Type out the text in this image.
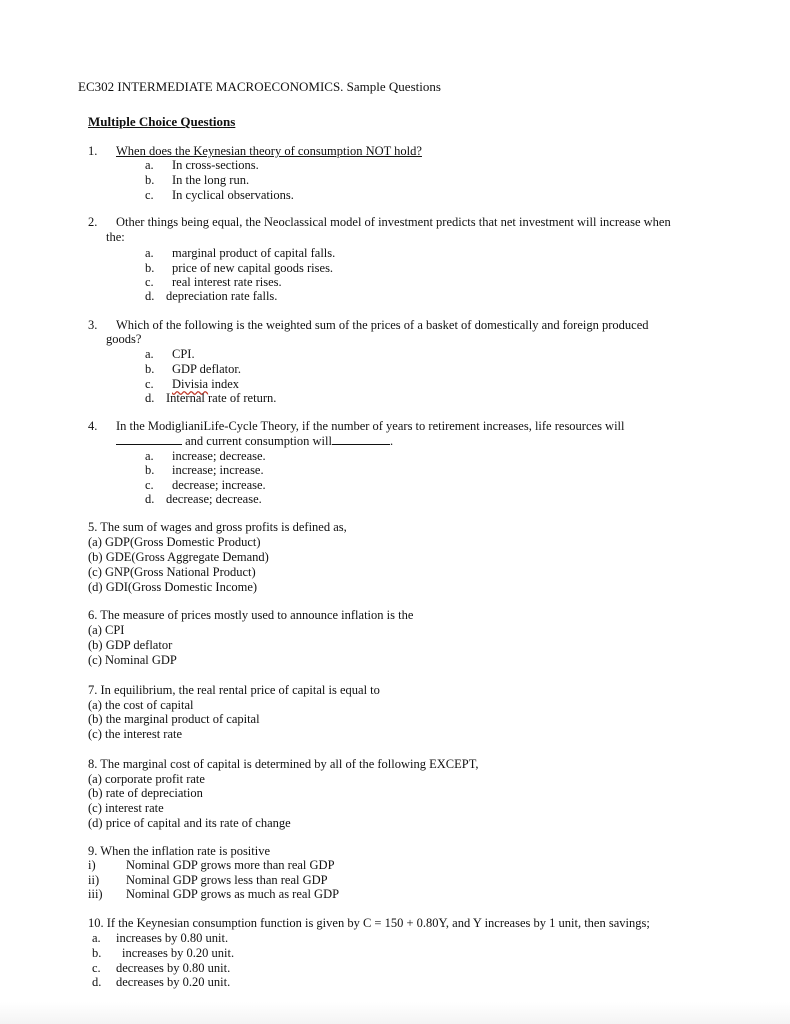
EC302 INTERMEDIATE MACROECONOMICS. Sample Questions
Multiple Choice Questions
1. When does the Keynesian theory of consumption NOT hold?
a. In cross-sections.
b. In the long run.
c. In cyclical observations.
2. Other things being equal, the Neoclassical model of investment predicts that net investment will increase when
the:
a. marginal product of capital falls.
b. price of new capital goods rises.
c. real interest rate rises.
d. depreciation rate falls.
3. Which of the following is the weighted sum of the prices of a basket of domestically and foreign produced
goods?
a. CPI.
b. GDP deflator.
c. Divisia index
d. Internal rate of return.
4. In the ModiglianiLife-Cycle Theory, if the number of years to retirement increases, life resources will
and current consumption will	.
a. increase; decrease.
b. increase; increase.
c. decrease; increase.
d. decrease; decrease.
5. The sum of wages and gross profits is defined as,
(a) GDP(Gross Domestic Product)
(b) GDE(Gross Aggregate Demand)
(c) GNP(Gross National Product)
(d) GDI(Gross Domestic Income)
6. The measure of prices mostly used to announce inflation is the
(a) CPI
(b) GDP deflator
(c) Nominal GDP
7. In equilibrium, the real rental price of capital is equal to
(a) the cost of capital
(b) the marginal product of capital
(c) the interest rate
8. The marginal cost of capital is determined by all of the following EXCEPT,
(a) corporate profit rate
(b) rate of depreciation
(c) interest rate
(d) price of capital and its rate of change
9. When the inflation rate is positive
i) Nominal GDP grows more than real GDP
ii) Nominal GDP grows less than real GDP
iii) Nominal GDP grows as much as real GDP
10. If the Keynesian consumption function is given by C = 150 + 0.80Y, and Y increases by 1 unit, then savings;
a. increases by 0.80 unit.
b. increases by 0.20 unit.
c. decreases by 0.80 unit.
d. decreases by 0.20 unit.
